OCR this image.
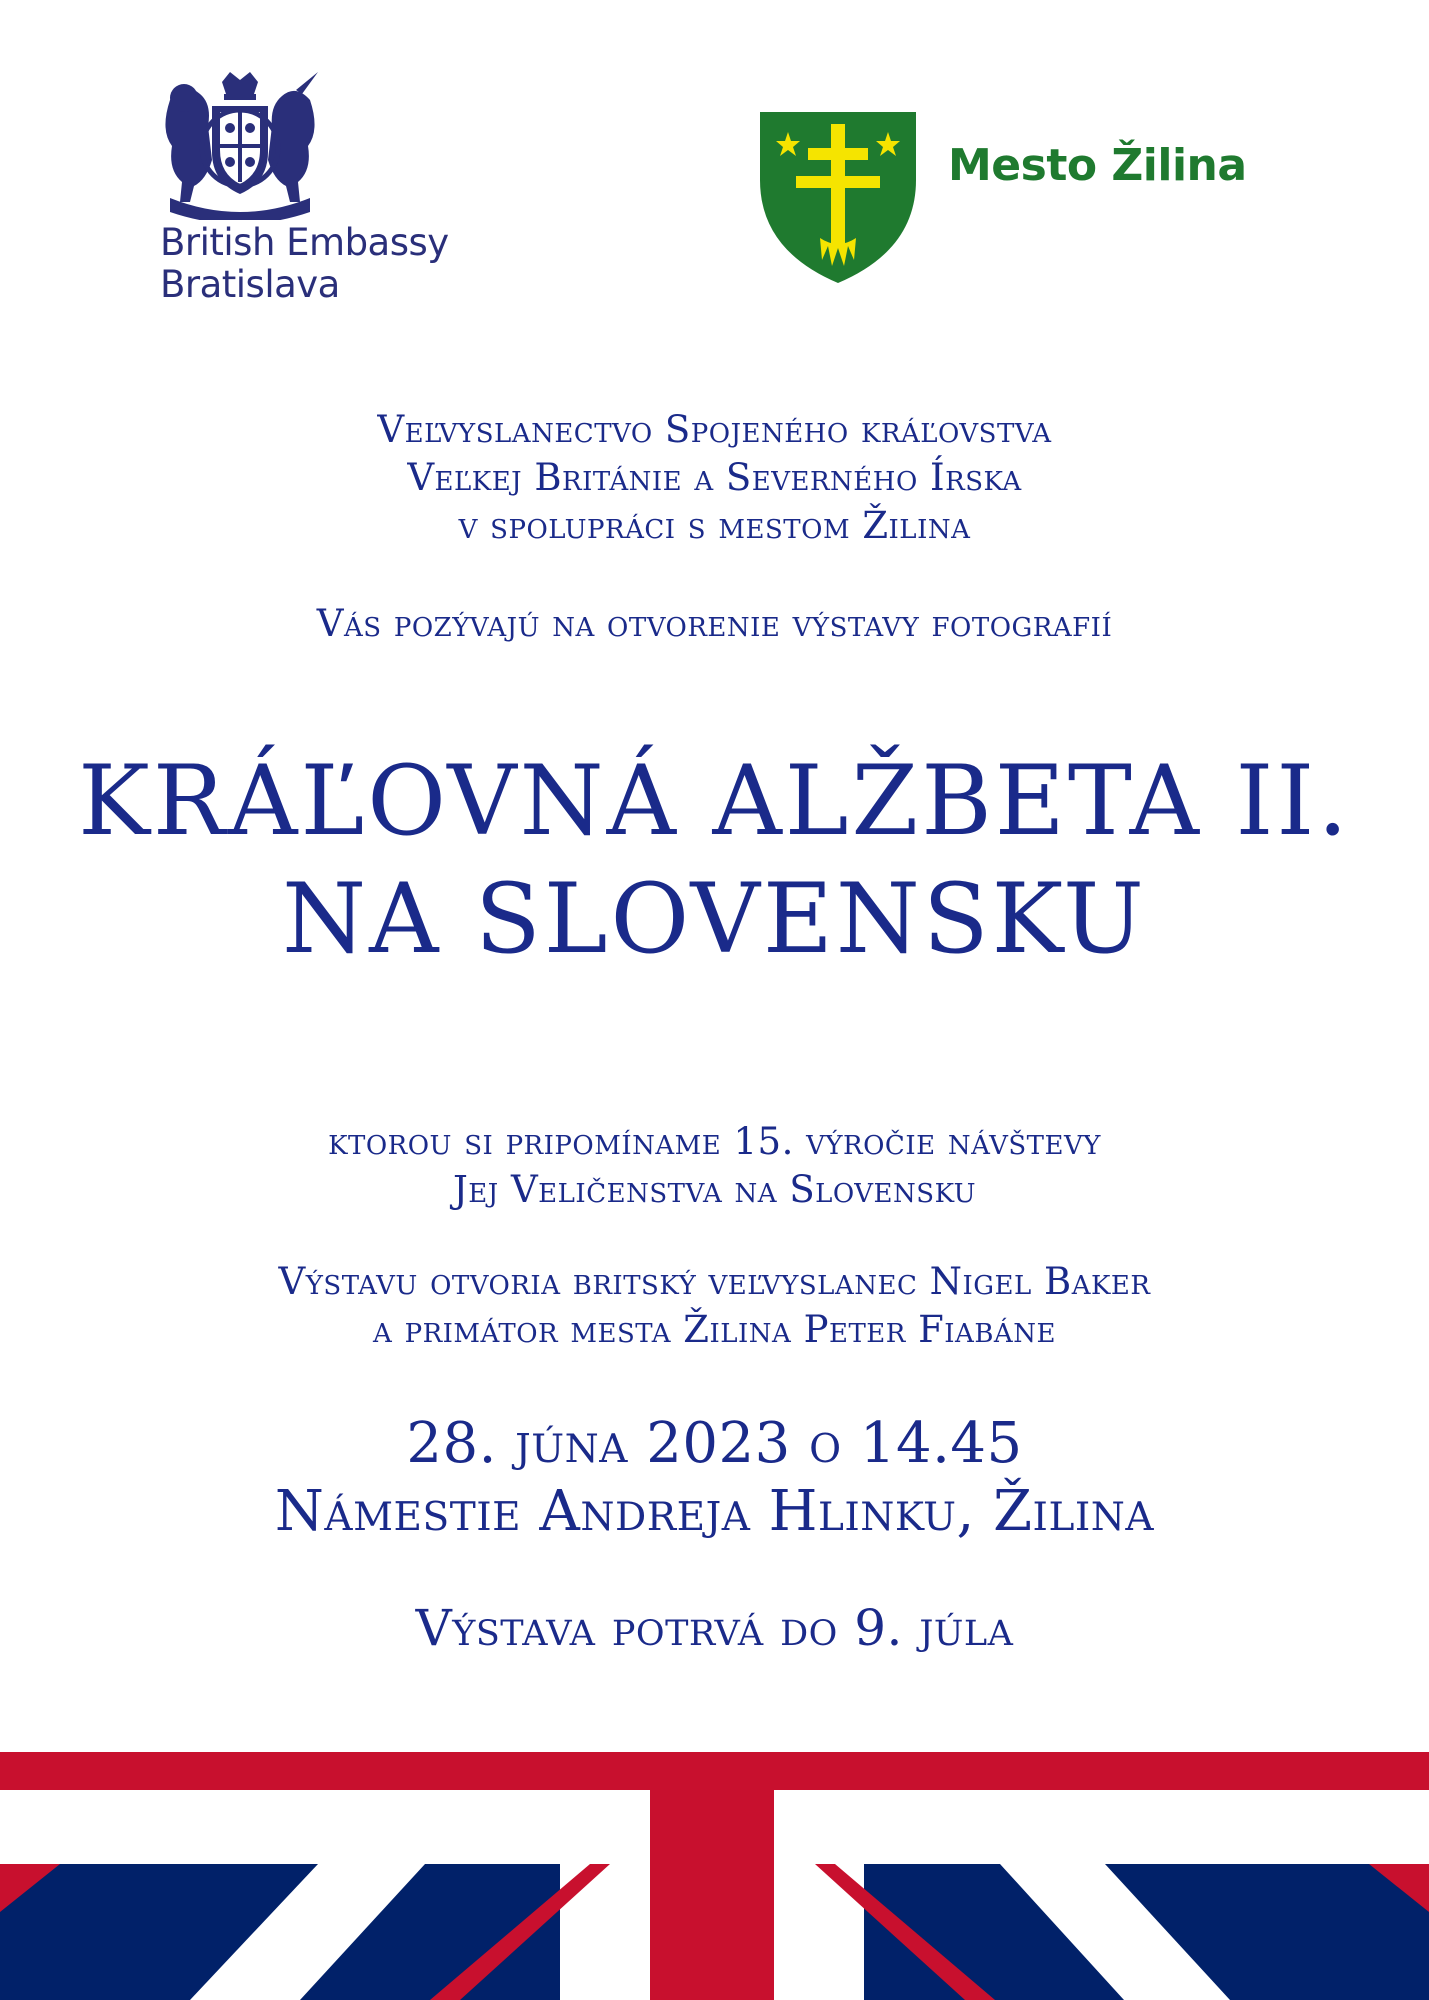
British Embassy
Bratislava
Mesto Žilina
Veľvyslanectvo Spojeného kráľovstva
Veľkej Británie a Severného Írska
v spolupráci s mestom Žilina
Vás pozývajú na otvorenie výstavy fotografií
KRÁĽOVNÁ ALŽBETA II.
NA SLOVENSKU
ktorou si pripomíname 15. výročie návštevy
Jej Veličenstva na Slovensku
Výstavu otvoria britský veľvyslanec Nigel Baker
a primátor mesta Žilina Peter Fiabáne
28. júna 2023 o 14.45
Námestie Andreja Hlinku, Žilina
Výstava potrvá do 9. júla
